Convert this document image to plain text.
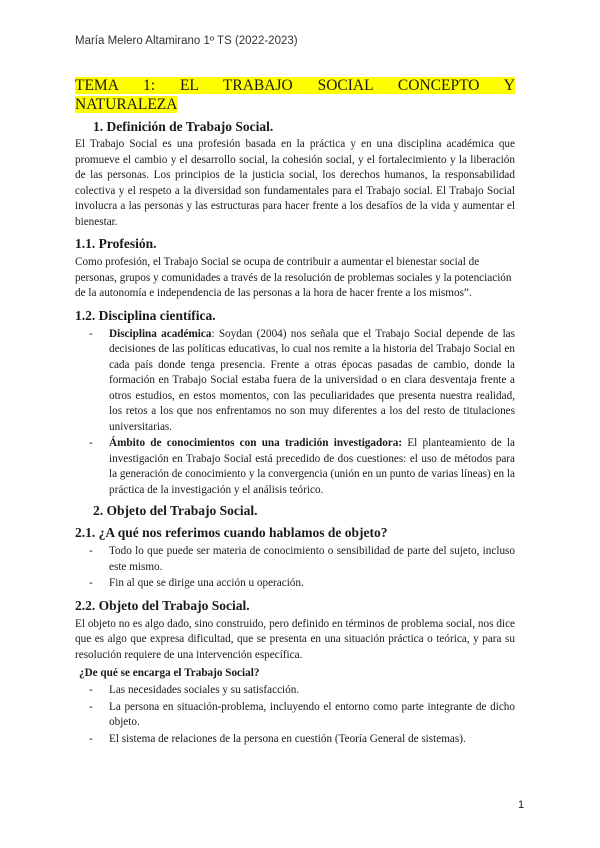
María Melero Altamirano 1º TS (2022-2023)
TEMA 1: EL TRABAJO SOCIAL CONCEPTO Y
NATURALEZA
1. Definición de Trabajo Social.

El Trabajo Social es una profesión basada en la práctica y en una disciplina académica que promueve el cambio y el desarrollo social, la cohesión social, y el fortalecimiento y la liberación de las personas. Los principios de la justicia social, los derechos humanos, la responsabilidad colectiva y el respeto a la diversidad son fundamentales para el Trabajo social. El Trabajo Social involucra a las personas y las estructuras para hacer frente a los desafíos de la vida y aumentar el bienestar.

1.1. Profesión.

Como profesión, el Trabajo Social se ocupa de contribuir a aumentar el bienestar social de personas, grupos y comunidades a través de la resolución de problemas sociales y la potenciación de la autonomía e independencia de las personas a la hora de hacer frente a los mismos”.

1.2. Disciplina científica.
- Disciplina académica: Soydan (2004) nos señala que el Trabajo Social depende de las decisiones de las políticas educativas, lo cual nos remite a la historia del Trabajo Social en cada país donde tenga presencia. Frente a otras épocas pasadas de cambio, donde la formación en Trabajo Social estaba fuera de la universidad o en clara desventaja frente a otros estudios, en estos momentos, con las peculiaridades que presenta nuestra realidad, los retos a los que nos enfrentamos no son muy diferentes a los del resto de titulaciones universitarias.
- Ámbito de conocimientos con una tradición investigadora: El planteamiento de la investigación en Trabajo Social está precedido de dos cuestiones: el uso de métodos para la generación de conocimiento y la convergencia (unión en un punto de varias líneas) en la práctica de la investigación y el análisis teórico.
2. Objeto del Trabajo Social.
2.1. ¿A qué nos referimos cuando hablamos de objeto?
- Todo lo que puede ser materia de conocimiento o sensibilidad de parte del sujeto, incluso este mismo.
- Fin al que se dirige una acción u operación.
2.2. Objeto del Trabajo Social.

El objeto no es algo dado, sino construido, pero definido en términos de problema social, nos dice que es algo que expresa dificultad, que se presenta en una situación práctica o teórica, y para su resolución requiere de una intervención específica.

¿De qué se encarga el Trabajo Social?
- Las necesidades sociales y su satisfacción.
- La persona en situación-problema, incluyendo el entorno como parte integrante de dicho objeto.
- El sistema de relaciones de la persona en cuestión (Teoría General de sistemas).
1
